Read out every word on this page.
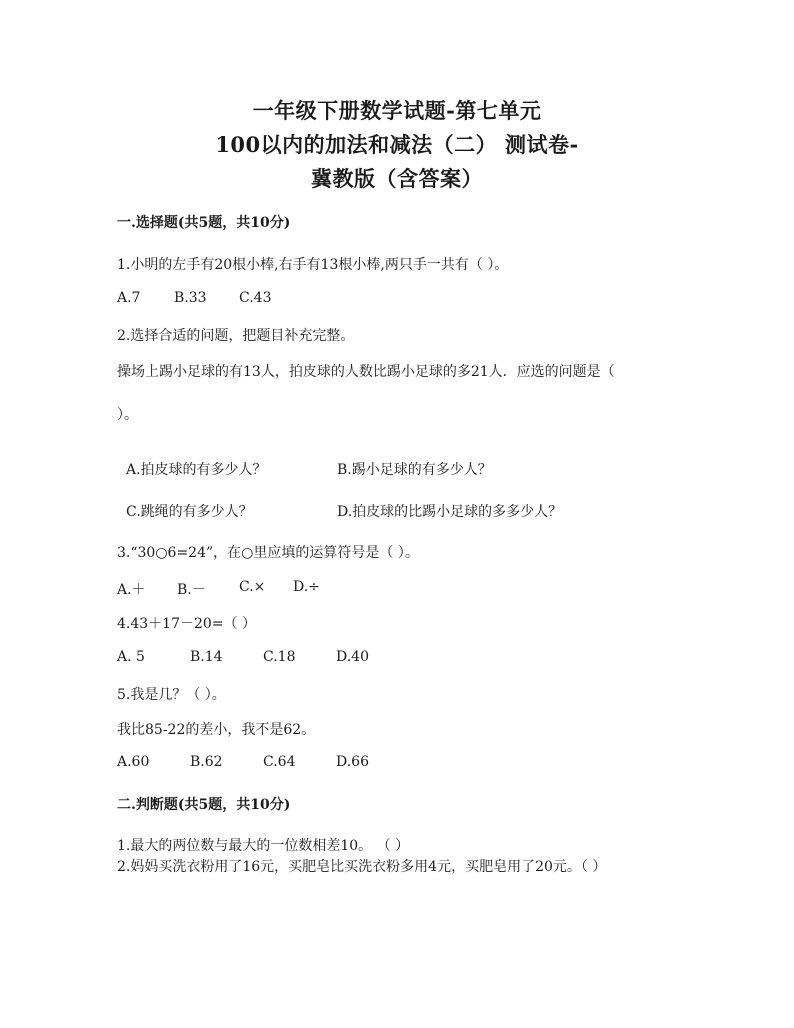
一年级下册数学试题-第七单元
100以内的加法和减法（二） 测试卷-
冀教版（含答案）
一.选择题(共5题，共10分)
1.小明的左手有20根小棒,右手有13根小棒,两只手一共有（ ）。
A.7 B.33 C.43
2.选择合适的问题，把题目补充完整。
操场上踢小足球的有13人，拍皮球的人数比踢小足球的多21人．应选的问题是（
）。
A.拍皮球的有多少人？	B.踢小足球的有多少人？
C.跳绳的有多少人？	D.拍皮球的比踢小足球的多多少人？
3.“30○6=24”，在○里应填的运算符号是（ ）。
A.＋ B.－ C.× D.÷
4.43＋17－20=（ ）
A. 5	B.14	C.18	D.40
5.我是几？（ ）。
我比85-22的差小，我不是62。
A.60	B.62	C.64	D.66
二.判断题(共5题，共10分)
1.最大的两位数与最大的一位数相差10。 （ ）
2.妈妈买洗衣粉用了16元，买肥皂比买洗衣粉多用4元，买肥皂用了20元。（ ）
